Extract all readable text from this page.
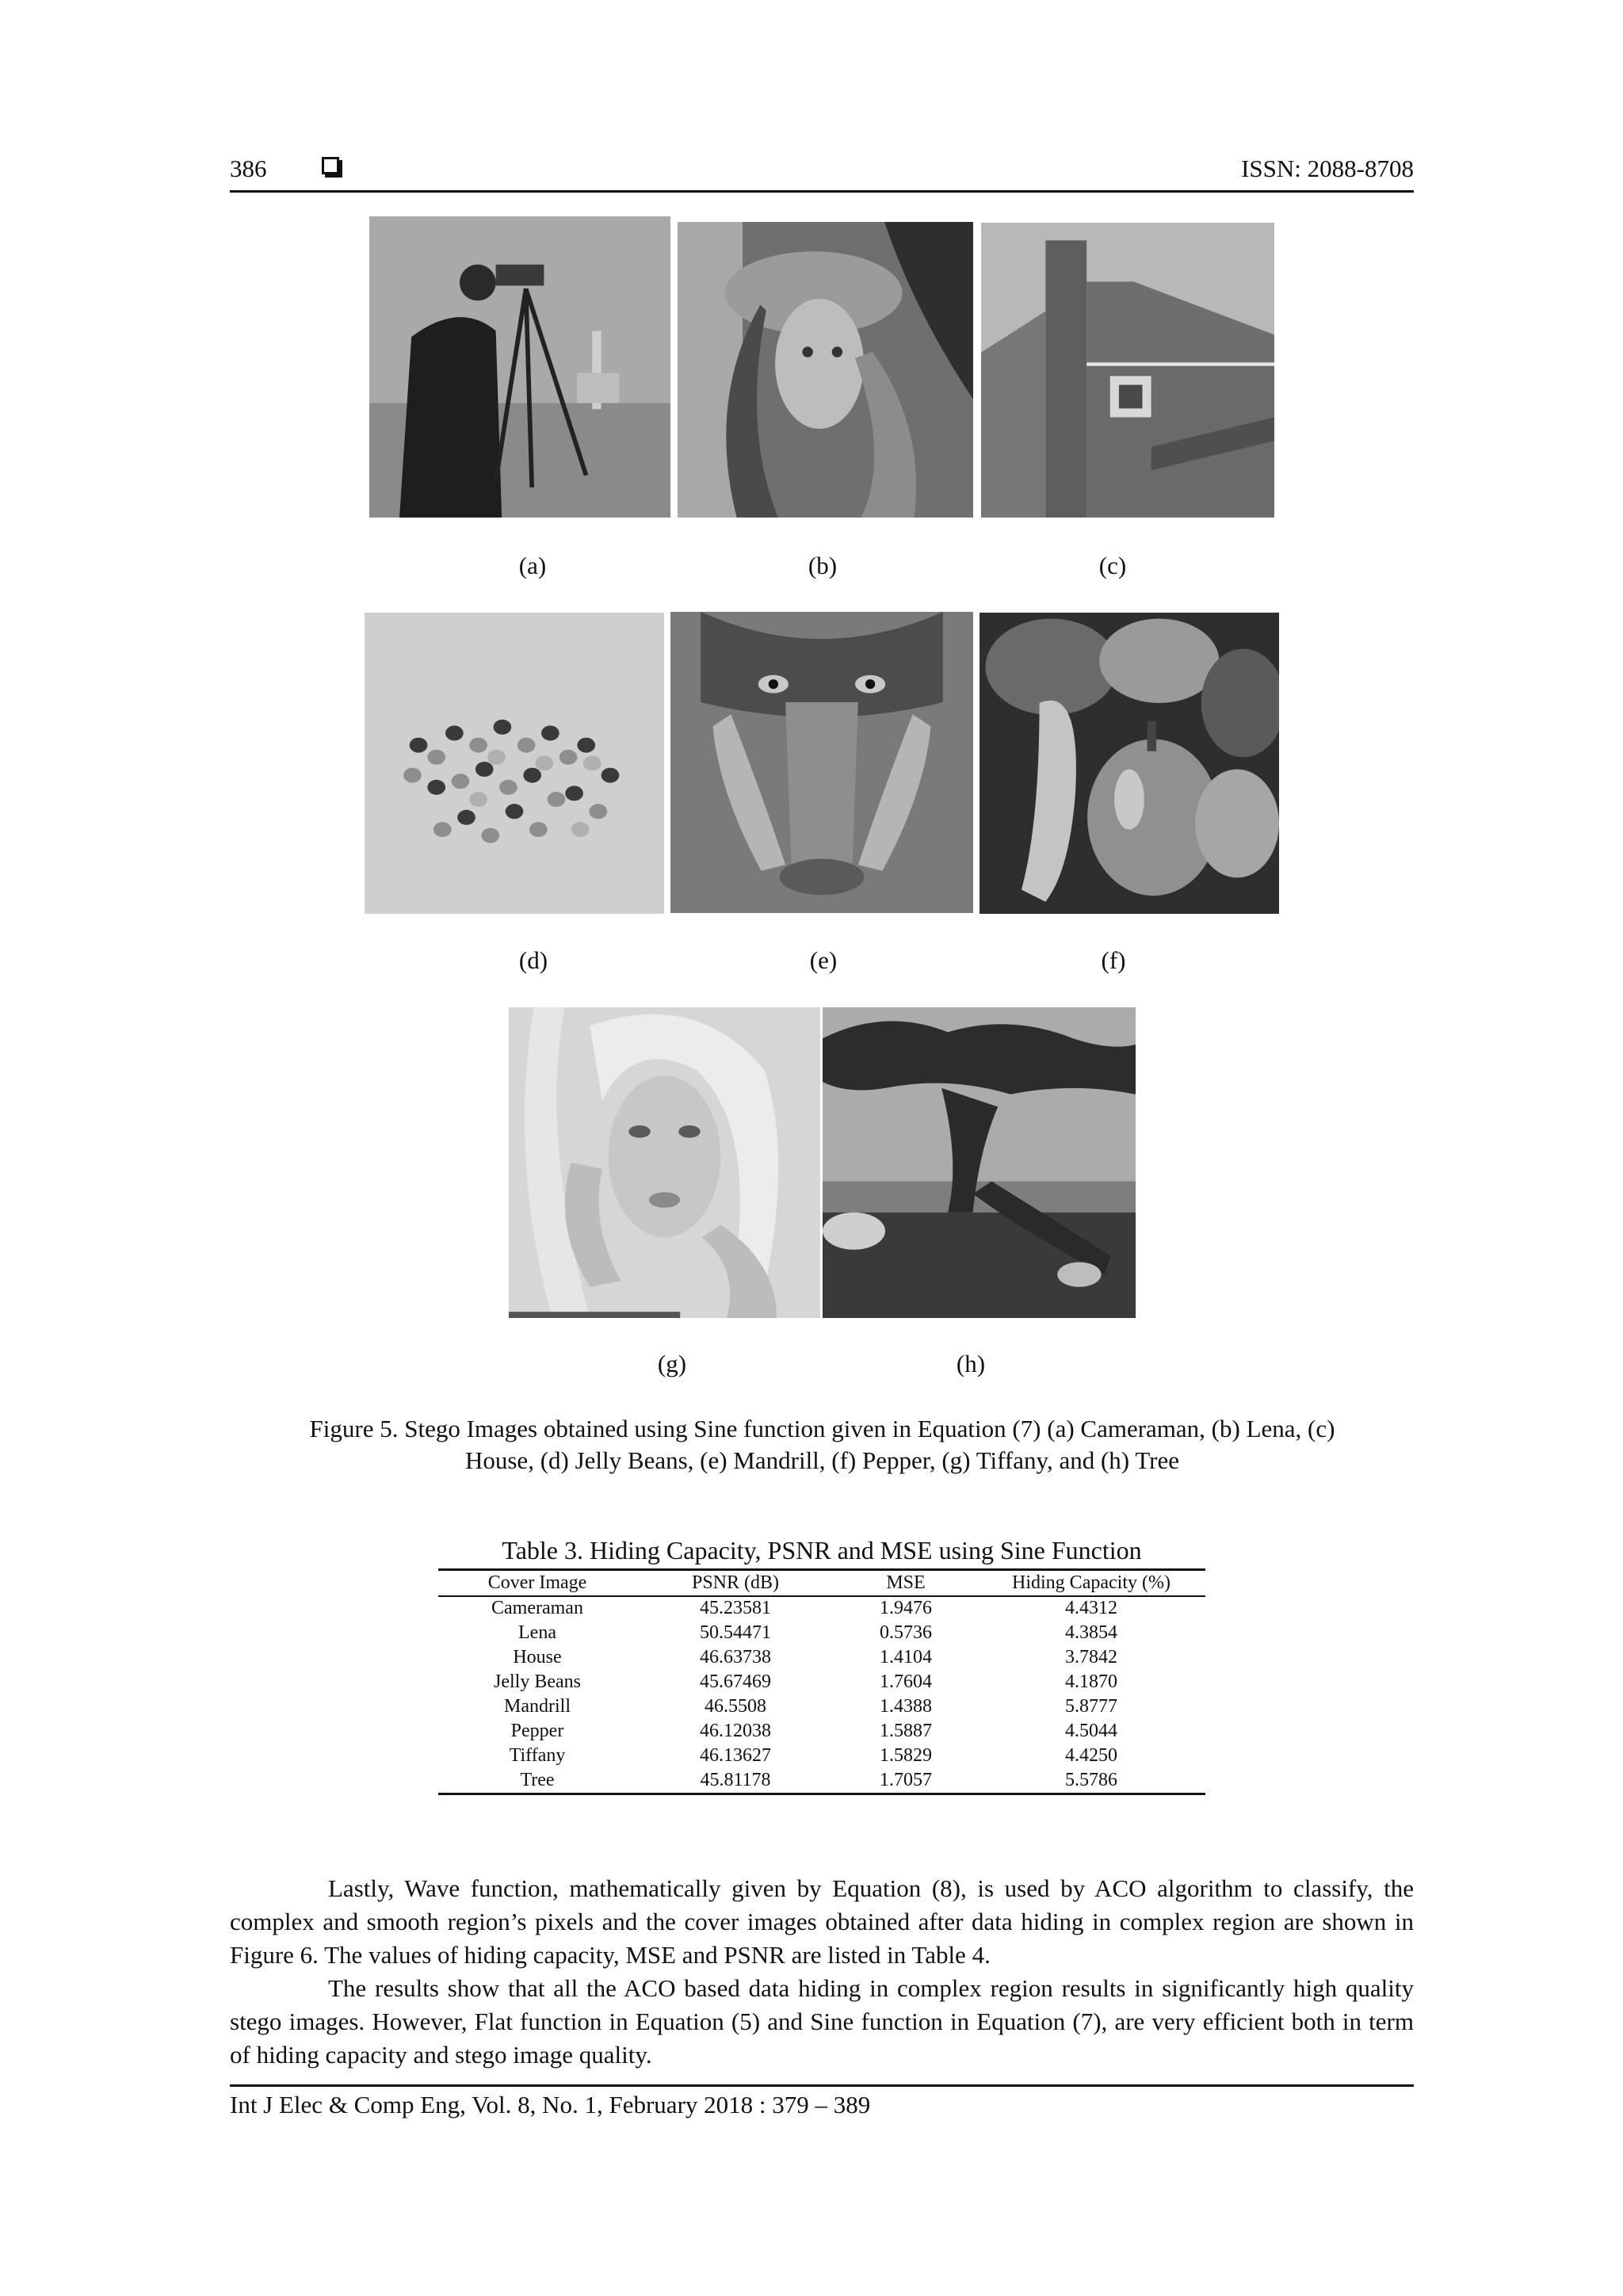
386	ISSN: 2088-8708
(a)	(b)	(c)
(d)	(e)	(f)
(g)	(h)
Figure 5. Stego Images obtained using Sine function given in Equation (7) (a) Cameraman, (b) Lena, (c)
House, (d) Jelly Beans, (e) Mandrill, (f) Pepper, (g) Tiffany, and (h) Tree
Table 3. Hiding Capacity, PSNR and MSE using Sine Function
Cover Image	PSNR (dB)	MSE	Hiding Capacity (%)
Cameraman	45.23581	1.9476	4.4312
Lena	50.54471	0.5736	4.3854
House	46.63738	1.4104	3.7842
Jelly Beans	45.67469	1.7604	4.1870
Mandrill	46.5508	1.4388	5.8777
Pepper	46.12038	1.5887	4.5044
Tiffany	46.13627	1.5829	4.4250
Tree	45.81178	1.7057	5.5786
Lastly, Wave function, mathematically given by Equation (8), is used by ACO algorithm to classify, the complex and smooth region’s pixels and the cover images obtained after data hiding in complex region are shown in Figure 6. The values of hiding capacity, MSE and PSNR are listed in Table 4.
The results show that all the ACO based data hiding in complex region results in significantly high quality stego images. However, Flat function in Equation (5) and Sine function in Equation (7), are very efficient both in term of hiding capacity and stego image quality.
Int J Elec & Comp Eng, Vol. 8, No. 1, February 2018 : 379 – 389
